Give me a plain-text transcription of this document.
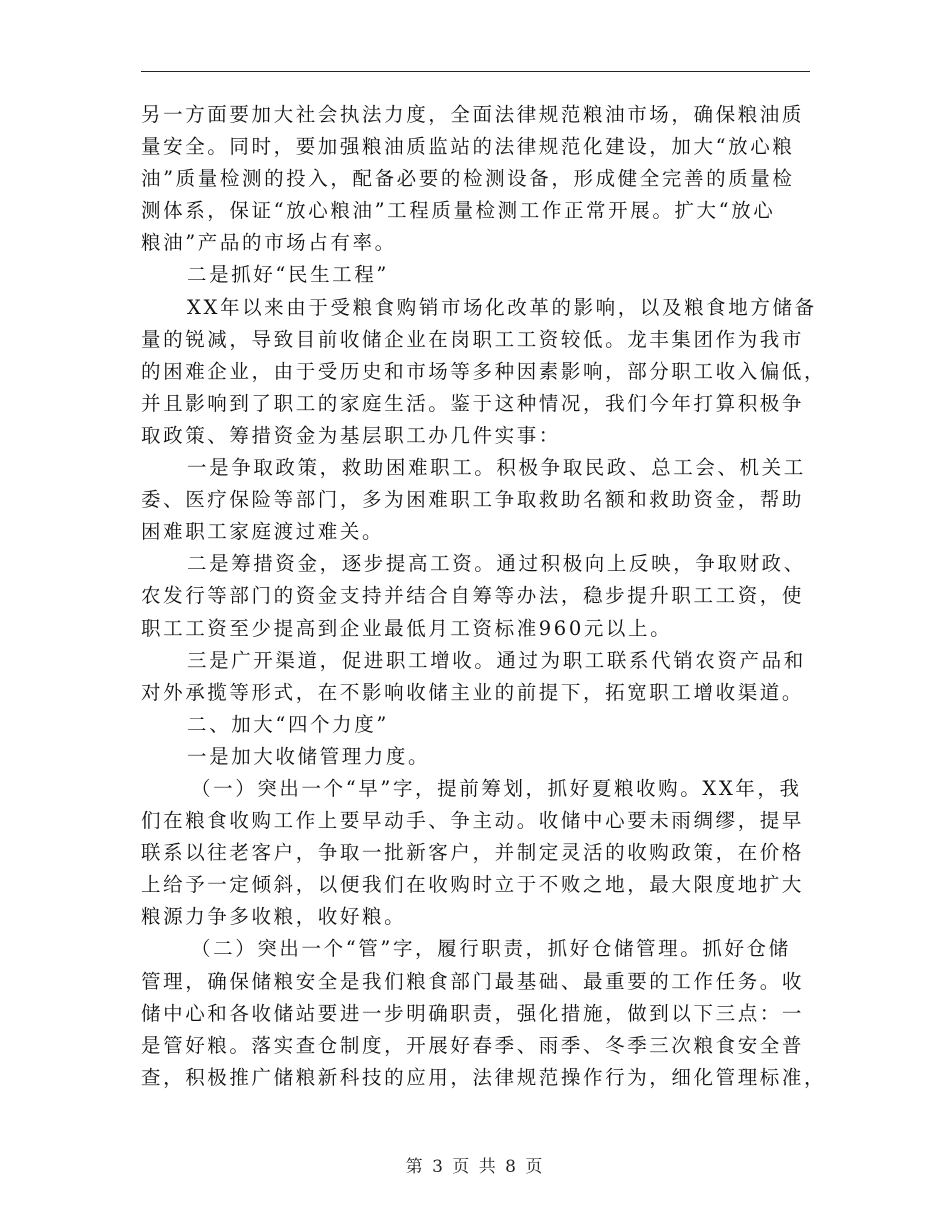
另一方面要加大社会执法力度，全面法律规范粮油市场，确保粮油质
量安全。同时，要加强粮油质监站的法律规范化建设，加大“放心粮
油”质量检测的投入，配备必要的检测设备，形成健全完善的质量检
测体系，保证“放心粮油”工程质量检测工作正常开展。扩大“放心
粮油”产品的市场占有率。
二是抓好“民生工程”
XX年以来由于受粮食购销市场化改革的影响，以及粮食地方储备
量的锐减，导致目前收储企业在岗职工工资较低。龙丰集团作为我市
的困难企业，由于受历史和市场等多种因素影响，部分职工收入偏低，
并且影响到了职工的家庭生活。鉴于这种情况，我们今年打算积极争
取政策、筹措资金为基层职工办几件实事：
一是争取政策，救助困难职工。积极争取民政、总工会、机关工
委、医疗保险等部门，多为困难职工争取救助名额和救助资金，帮助
困难职工家庭渡过难关。
二是筹措资金，逐步提高工资。通过积极向上反映，争取财政、
农发行等部门的资金支持并结合自筹等办法，稳步提升职工工资，使
职工工资至少提高到企业最低月工资标准960元以上。
三是广开渠道，促进职工增收。通过为职工联系代销农资产品和
对外承揽等形式，在不影响收储主业的前提下，拓宽职工增收渠道。
二、加大“四个力度”
一是加大收储管理力度。
（一）突出一个“早”字，提前筹划，抓好夏粮收购。XX年，我
们在粮食收购工作上要早动手、争主动。收储中心要未雨绸缪，提早
联系以往老客户，争取一批新客户，并制定灵活的收购政策，在价格
上给予一定倾斜，以便我们在收购时立于不败之地，最大限度地扩大
粮源力争多收粮，收好粮。
（二）突出一个“管”字，履行职责，抓好仓储管理。抓好仓储
管理，确保储粮安全是我们粮食部门最基础、最重要的工作任务。收
储中心和各收储站要进一步明确职责，强化措施，做到以下三点：一
是管好粮。落实查仓制度，开展好春季、雨季、冬季三次粮食安全普
查，积极推广储粮新科技的应用，法律规范操作行为，细化管理标准，
第 3 页 共 8 页
